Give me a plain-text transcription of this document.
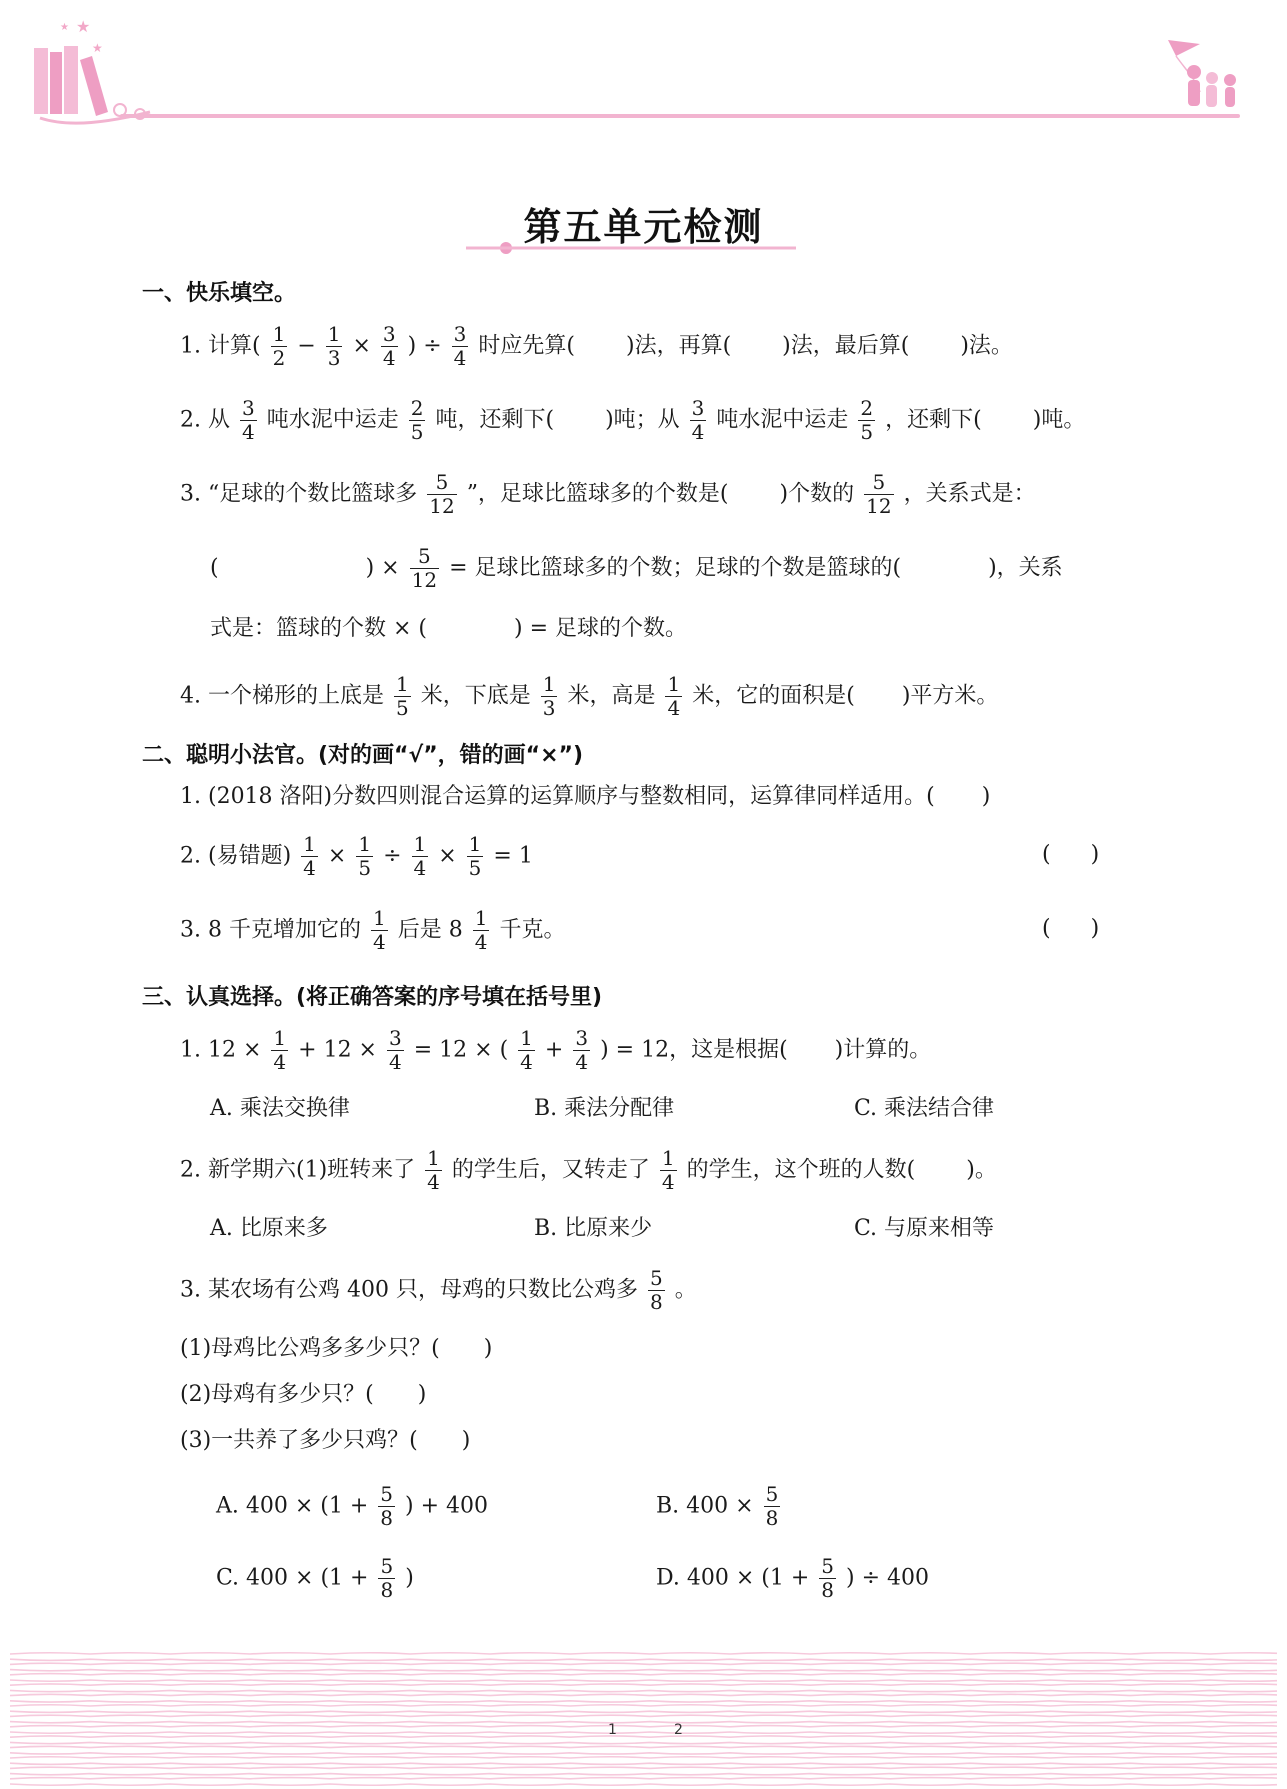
★
★
★
第五单元检测
一、快乐填空。
1. 计算( $\frac{1}{2} - \frac{1}{3} \times \frac{3}{4}$ ) ÷ $\frac{3}{4}$ 时应先算( )法，再算( )法，最后算( )法。
2. 从 $\frac{3}{4}$ 吨水泥中运走 $\frac{2}{5}$ 吨，还剩下( )吨；从 $\frac{3}{4}$ 吨水泥中运走 $\frac{2}{5}$ ，还剩下( )吨。
3. “足球的个数比篮球多 $\frac{5}{12}$ ”，足球比篮球多的个数是( )个数的 $\frac{5}{12}$ ，关系式是：
(	) × $\frac{5}{12}$ = 足球比篮球多的个数；足球的个数是篮球的(	)，关系
式是：篮球的个数 × (	) = 足球的个数。
4. 一个梯形的上底是 $\frac{1}{5}$ 米，下底是 $\frac{1}{3}$ 米，高是 $\frac{1}{4}$ 米，它的面积是( )平方米。
二、聪明小法官。(对的画“√”，错的画“×”)
1. (2018 洛阳)分数四则混合运算的运算顺序与整数相同，运算律同样适用。( )
2. (易错题) $\frac{1}{4} \times \frac{1}{5} \div \frac{1}{4} \times \frac{1}{5} = 1$	( )
3. 8 千克增加它的 $\frac{1}{4}$ 后是 $8 \frac{1}{4}$ 千克。	( )
三、认真选择。(将正确答案的序号填在括号里)
1. $12 \times \frac{1}{4} + 12 \times \frac{3}{4} = 12$ × ( $\frac{1}{4} + \frac{3}{4}$ ) = 12，这是根据( )计算的。
A. 乘法交换律	B. 乘法分配律	C. 乘法结合律
2. 新学期六(1)班转来了 $\frac{1}{4}$ 的学生后，又转走了 $\frac{1}{4}$ 的学生，这个班的人数( )。
A. 比原来多	B. 比原来少	C. 与原来相等
3. 某农场有公鸡 400 只，母鸡的只数比公鸡多 $\frac{5}{8}$ 。
(1)母鸡比公鸡多多少只？( )
(2)母鸡有多少只？( )
(3)一共养了多少只鸡？( )
A. $400 \times (1 + \frac{5}{8}$ ) + 400	B. $400 \times \frac{5}{8}$
C. $400 \times (1 + \frac{5}{8}$ )	D. $400 \times (1 + \frac{5}{8}$ ) ÷ 400
1	2
